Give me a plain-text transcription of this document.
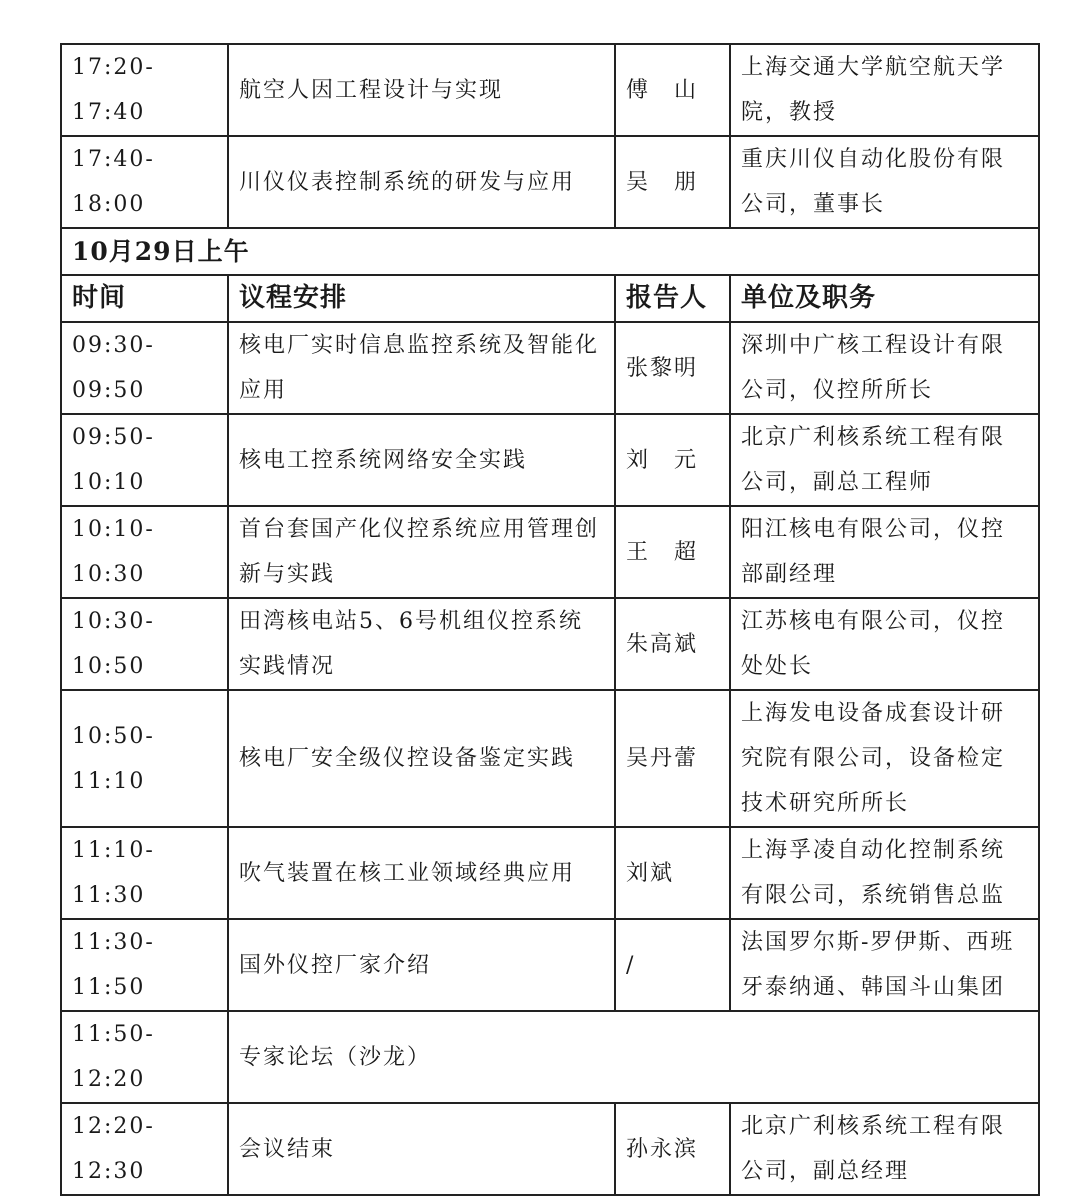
17:20-17:40	航空人因工程设计与实现	傅　山	上海交通大学航空航天学院，教授
17:40-18:00	川仪仪表控制系统的研发与应用	吴　朋	重庆川仪自动化股份有限公司，董事长
10月29日上午			
时间	议程安排	报告人	单位及职务
09:30-09:50	核电厂实时信息监控系统及智能化应用	张黎明	深圳中广核工程设计有限公司，仪控所所长
09:50-10:10	核电工控系统网络安全实践	刘　元	北京广利核系统工程有限公司，副总工程师
10:10-10:30	首台套国产化仪控系统应用管理创新与实践	王　超	阳江核电有限公司，仪控部副经理
10:30-10:50	田湾核电站5、6号机组仪控系统实践情况	朱高斌	江苏核电有限公司，仪控处处长
10:50-11:10	核电厂安全级仪控设备鉴定实践	吴丹蕾	上海发电设备成套设计研究院有限公司，设备检定技术研究所所长
11:10-11:30	吹气装置在核工业领域经典应用	刘斌	上海孚凌自动化控制系统有限公司，系统销售总监
11:30-11:50	国外仪控厂家介绍	/	法国罗尔斯-罗伊斯、西班牙泰纳通、韩国斗山集团
11:50-12:20	专家论坛（沙龙）		
12:20-12:30	会议结束	孙永滨	北京广利核系统工程有限公司，副总经理
